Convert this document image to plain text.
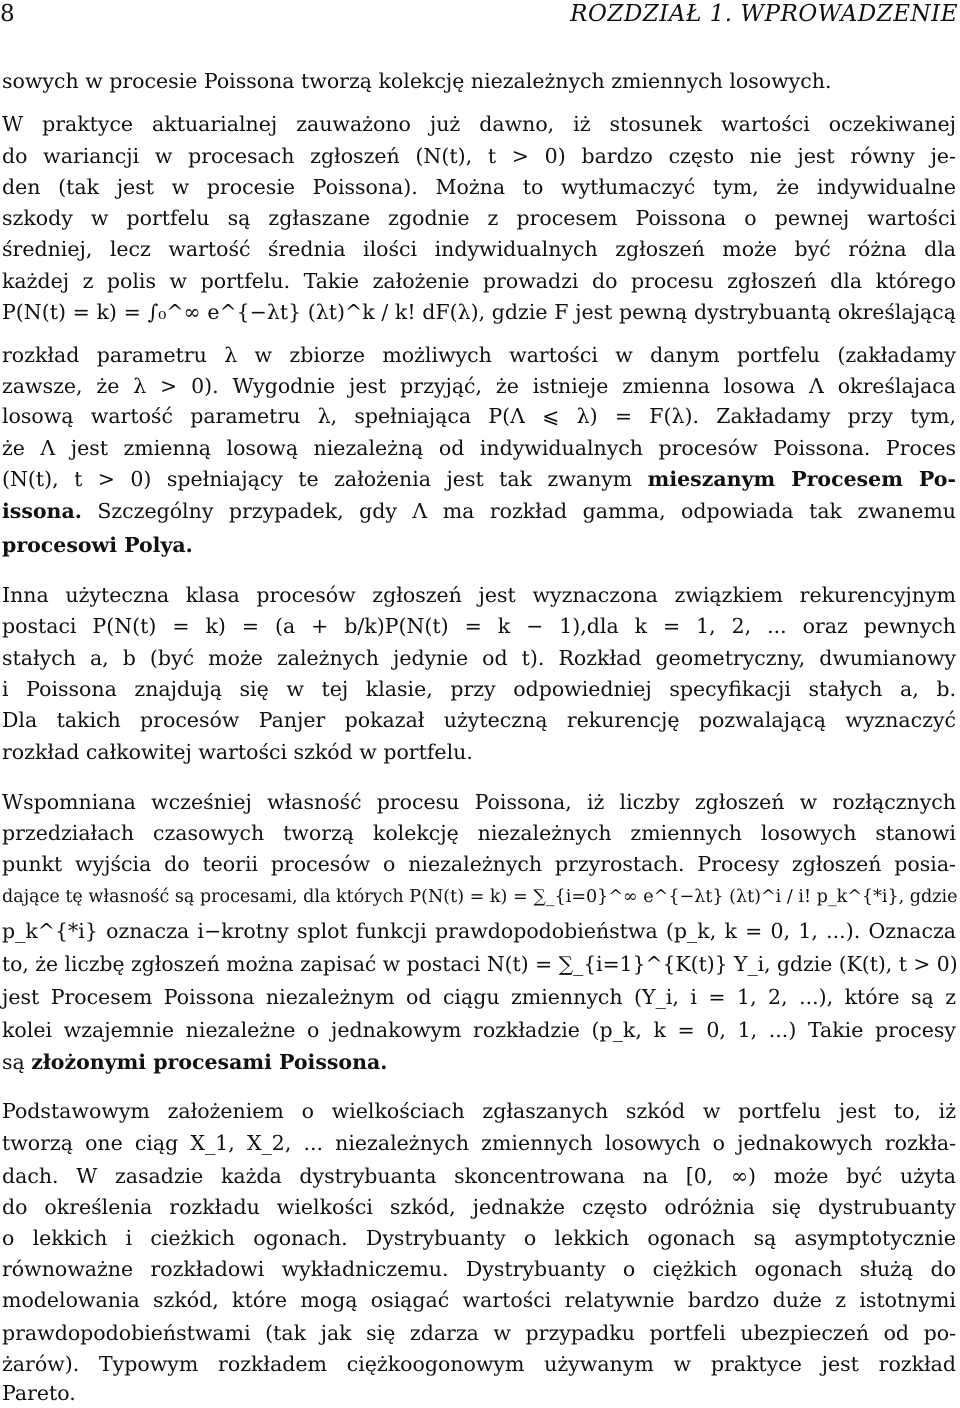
8	ROZDZIAŁ 1. WPROWADZENIE
sowych w procesie Poissona tworzą kolekcję niezależnych zmiennych losowych.
W praktyce aktuarialnej zauważono już dawno, iż stosunek wartości oczekiwanej
do wariancji w procesach zgłoszeń (N(t), t > 0) bardzo często nie jest równy je-
den (tak jest w procesie Poissona). Można to wytłumaczyć tym, że indywidualne
szkody w portfelu są zgłaszane zgodnie z procesem Poissona o pewnej wartości
średniej, lecz wartość średnia ilości indywidualnych zgłoszeń może być różna dla
każdej z polis w portfelu. Takie założenie prowadzi do procesu zgłoszeń dla którego
P(N(t) = k) = ∫₀^∞ e^{−λt} (λt)^k / k! dF(λ), gdzie F jest pewną dystrybuantą określającą
rozkład parametru λ w zbiorze możliwych wartości w danym portfelu (zakładamy
zawsze, że λ > 0). Wygodnie jest przyjąć, że istnieje zmienna losowa Λ określajaca
losową wartość parametru λ, spełniająca P(Λ ⩽ λ) = F(λ). Zakładamy przy tym,
że Λ jest zmienną losową niezależną od indywidualnych procesów Poissona. Proces
(N(t), t > 0) spełniający te założenia jest tak zwanym mieszanym Procesem Po-
issona. Szczególny przypadek, gdy Λ ma rozkład gamma, odpowiada tak zwanemu
procesowi Polya.
Inna użyteczna klasa procesów zgłoszeń jest wyznaczona związkiem rekurencyjnym
postaci P(N(t) = k) = (a + b/k)P(N(t) = k − 1),dla k = 1, 2, ... oraz pewnych
stałych a, b (być może zależnych jedynie od t). Rozkład geometryczny, dwumianowy
i Poissona znajdują się w tej klasie, przy odpowiedniej specyfikacji stałych a, b.
Dla takich procesów Panjer pokazał użyteczną rekurencję pozwalającą wyznaczyć
rozkład całkowitej wartości szkód w portfelu.
Wspomniana wcześniej własność procesu Poissona, iż liczby zgłoszeń w rozłącznych
przedziałach czasowych tworzą kolekcję niezależnych zmiennych losowych stanowi
punkt wyjścia do teorii procesów o niezależnych przyrostach. Procesy zgłoszeń posia-
dające tę własność są procesami, dla których P(N(t) = k) = ∑_{i=0}^∞ e^{−λt} (λt)^i / i! p_k^{*i}, gdzie
p_k^{*i} oznacza i−krotny splot funkcji prawdopodobieństwa (p_k, k = 0, 1, ...). Oznacza
to, że liczbę zgłoszeń można zapisać w postaci N(t) = ∑_{i=1}^{K(t)} Y_i, gdzie (K(t), t > 0)
jest Procesem Poissona niezależnym od ciągu zmiennych (Y_i, i = 1, 2, ...), które są z
kolei wzajemnie niezależne o jednakowym rozkładzie (p_k, k = 0, 1, ...) Takie procesy
są złożonymi procesami Poissona.
Podstawowym założeniem o wielkościach zgłaszanych szkód w portfelu jest to, iż
tworzą one ciąg X_1, X_2, ... niezależnych zmiennych losowych o jednakowych rozkła-
dach. W zasadzie każda dystrybuanta skoncentrowana na [0, ∞) może być użyta
do określenia rozkładu wielkości szkód, jednakże często odróżnia się dystrubuanty
o lekkich i cieżkich ogonach. Dystrybuanty o lekkich ogonach są asymptotycznie
równoważne rozkładowi wykładniczemu. Dystrybuanty o ciężkich ogonach służą do
modelowania szkód, które mogą osiągać wartości relatywnie bardzo duże z istotnymi
prawdopodobieństwami (tak jak się zdarza w przypadku portfeli ubezpieczeń od po-
żarów). Typowym rozkładem ciężkoogonowym używanym w praktyce jest rozkład
Pareto.
